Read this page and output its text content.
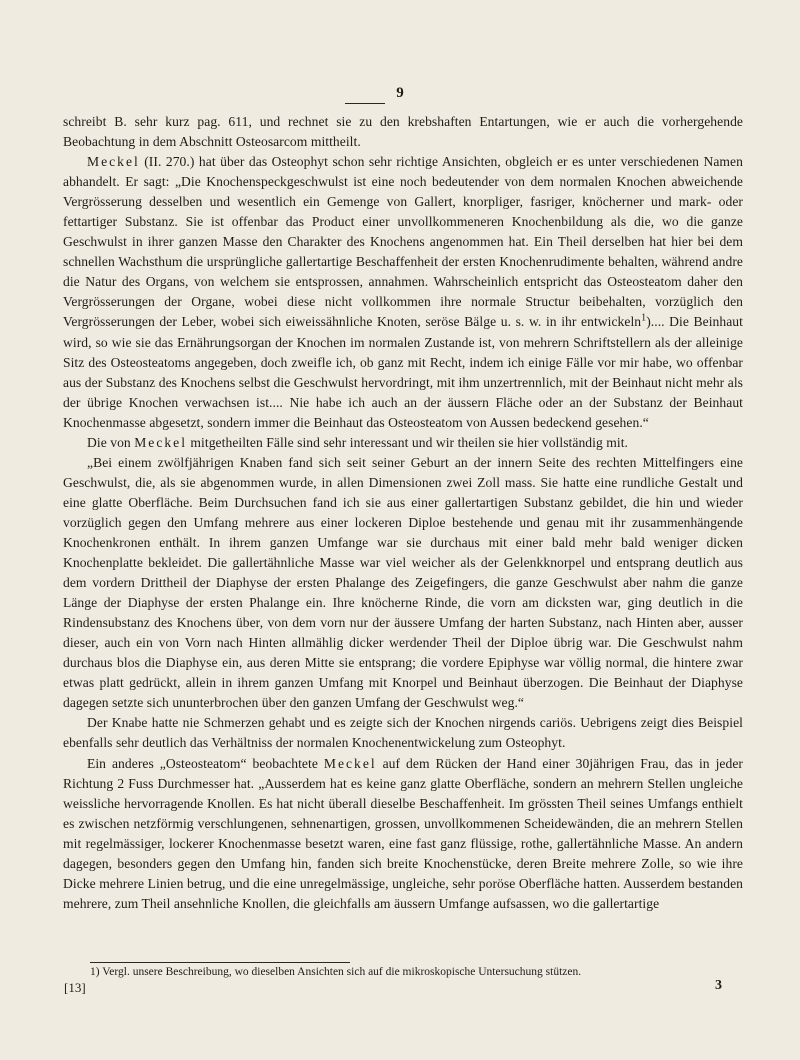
9

schreibt B. sehr kurz pag. 611, und rechnet sie zu den krebshaften Entartungen, wie er auch die vorhergehende Beobachtung in dem Abschnitt Osteosarcom mittheilt.

Meckel (II. 270.) hat über das Osteophyt schon sehr richtige Ansichten, obgleich er es unter verschiedenen Namen abhandelt. Er sagt: „Die Knochenspeckgeschwulst ist eine noch bedeutender von dem normalen Knochen abweichende Vergrösserung desselben und wesentlich ein Gemenge von Gallert, knorpliger, fasriger, knöcherner und mark- oder fettartiger Substanz. Sie ist offenbar das Product einer unvollkommeneren Knochenbildung als die, wo die ganze Geschwulst in ihrer ganzen Masse den Charakter des Knochens angenommen hat. Ein Theil derselben hat hier bei dem schnellen Wachsthum die ursprüngliche gallertartige Beschaffenheit der ersten Knochenrudimente behalten, während andre die Natur des Organs, von welchem sie entsprossen, annahmen. Wahrscheinlich entspricht das Osteosteatom daher den Vergrösserungen der Organe, wobei diese nicht vollkommen ihre normale Structur beibehalten, vorzüglich den Vergrösserungen der Leber, wobei sich eiweissähnliche Knoten, seröse Bälge u. s. w. in ihr entwickeln$^1$).... Die Beinhaut wird, so wie sie das Ernährungsorgan der Knochen im normalen Zustande ist, von mehrern Schriftstellern als der alleinige Sitz des Osteosteatoms angegeben, doch zweifle ich, ob ganz mit Recht, indem ich einige Fälle vor mir habe, wo offenbar aus der Substanz des Knochens selbst die Geschwulst hervordringt, mit ihm unzertrennlich, mit der Beinhaut nicht mehr als der übrige Knochen verwachsen ist.... Nie habe ich auch an der äussern Fläche oder an der Substanz der Beinhaut Knochenmasse abgesetzt, sondern immer die Beinhaut das Osteosteatom von Aussen bedeckend gesehen.“

Die von Meckel mitgetheilten Fälle sind sehr interessant und wir theilen sie hier vollständig mit.

„Bei einem zwölfjährigen Knaben fand sich seit seiner Geburt an der innern Seite des rechten Mittelfingers eine Geschwulst, die, als sie abgenommen wurde, in allen Dimensionen zwei Zoll mass. Sie hatte eine rundliche Gestalt und eine glatte Oberfläche. Beim Durchsuchen fand ich sie aus einer gallertartigen Substanz gebildet, die hin und wieder vorzüglich gegen den Umfang mehrere aus einer lockeren Diploe bestehende und genau mit ihr zusammenhängende Knochenkronen enthält. In ihrem ganzen Umfange war sie durchaus mit einer bald mehr bald weniger dicken Knochenplatte bekleidet. Die gallertähnliche Masse war viel weicher als der Gelenkknorpel und entsprang deutlich aus dem vordern Drittheil der Diaphyse der ersten Phalange des Zeigefingers, die ganze Geschwulst aber nahm die ganze Länge der Diaphyse der ersten Phalange ein. Ihre knöcherne Rinde, die vorn am dicksten war, ging deutlich in die Rindensubstanz des Knochens über, von dem vorn nur der äussere Umfang der harten Substanz, nach Hinten aber, ausser dieser, auch ein von Vorn nach Hinten allmählig dicker werdender Theil der Diploe übrig war. Die Geschwulst nahm durchaus blos die Diaphyse ein, aus deren Mitte sie entsprang; die vordere Epiphyse war völlig normal, die hintere zwar etwas platt gedrückt, allein in ihrem ganzen Umfang mit Knorpel und Beinhaut überzogen. Die Beinhaut der Diaphyse dagegen setzte sich ununterbrochen über den ganzen Umfang der Geschwulst weg.“

Der Knabe hatte nie Schmerzen gehabt und es zeigte sich der Knochen nirgends cariös. Uebrigens zeigt dies Beispiel ebenfalls sehr deutlich das Verhältniss der normalen Knochenentwickelung zum Osteophyt.

Ein anderes „Osteosteatom“ beobachtete Meckel auf dem Rücken der Hand einer 30jährigen Frau, das in jeder Richtung 2 Fuss Durchmesser hat. „Ausserdem hat es keine ganz glatte Oberfläche, sondern an mehrern Stellen ungleiche weissliche hervorragende Knollen. Es hat nicht überall dieselbe Beschaffenheit. Im grössten Theil seines Umfangs enthielt es zwischen netzförmig verschlungenen, sehnenartigen, grossen, unvollkommenen Scheidewänden, die an mehrern Stellen mit regelmässiger, lockerer Knochenmasse besetzt waren, eine fast ganz flüssige, rothe, gallertähnliche Masse. An andern dagegen, besonders gegen den Umfang hin, fanden sich breite Knochenstücke, deren Breite mehrere Zolle, so wie ihre Dicke mehrere Linien betrug, und die eine unregelmässige, ungleiche, sehr poröse Oberfläche hatten. Ausserdem bestanden mehrere, zum Theil ansehnliche Knollen, die gleichfalls am äussern Umfange aufsassen, wo die gallertartige

1) Vergl. unsere Beschreibung, wo dieselben Ansichten sich auf die mikroskopische Untersuchung stützen.
[13]	3
